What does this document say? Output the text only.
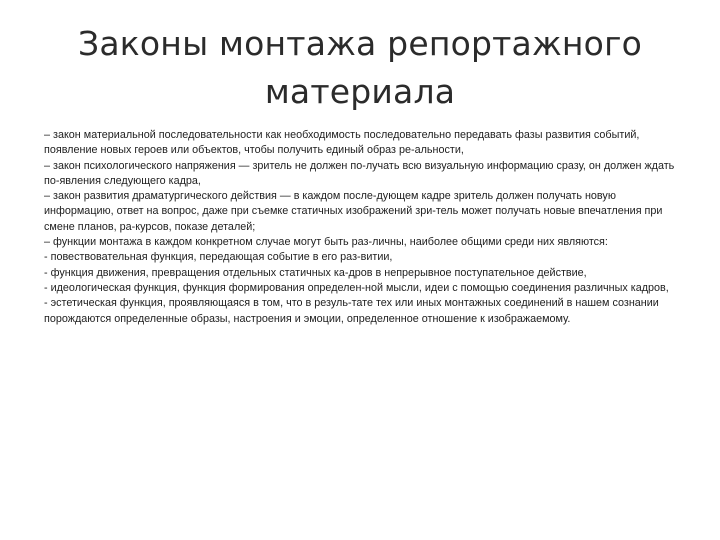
Законы монтажа репортажного материала
– закон материальной последовательности как необходимость последовательно передавать фазы развития событий, появление новых героев или объектов, чтобы получить единый образ ре-альности,
– закон психологического напряжения — зритель не должен по-лучать всю визуальную информацию сразу, он должен ждать по-явления следующего кадра,
– закон развития драматургического действия — в каждом после-дующем кадре зритель должен получать новую информацию, ответ на вопрос, даже при съемке статичных изображений зри-тель может получать новые впечатления при смене планов, ра-курсов, показе деталей;
– функции монтажа в каждом конкретном случае могут быть раз-личны, наиболее общими среди них являются:
- повествовательная функция, передающая событие в его раз-витии,
- функция движения, превращения отдельных статичных ка-дров в непрерывное поступательное действие,
- идеологическая функция, функция формирования определен-ной мысли, идеи с помощью соединения различных кадров,
- эстетическая функция, проявляющаяся в том, что в резуль-тате тех или иных монтажных соединений в нашем сознании порождаются определенные образы, настроения и эмоции, определенное отношение к изображаемому.
